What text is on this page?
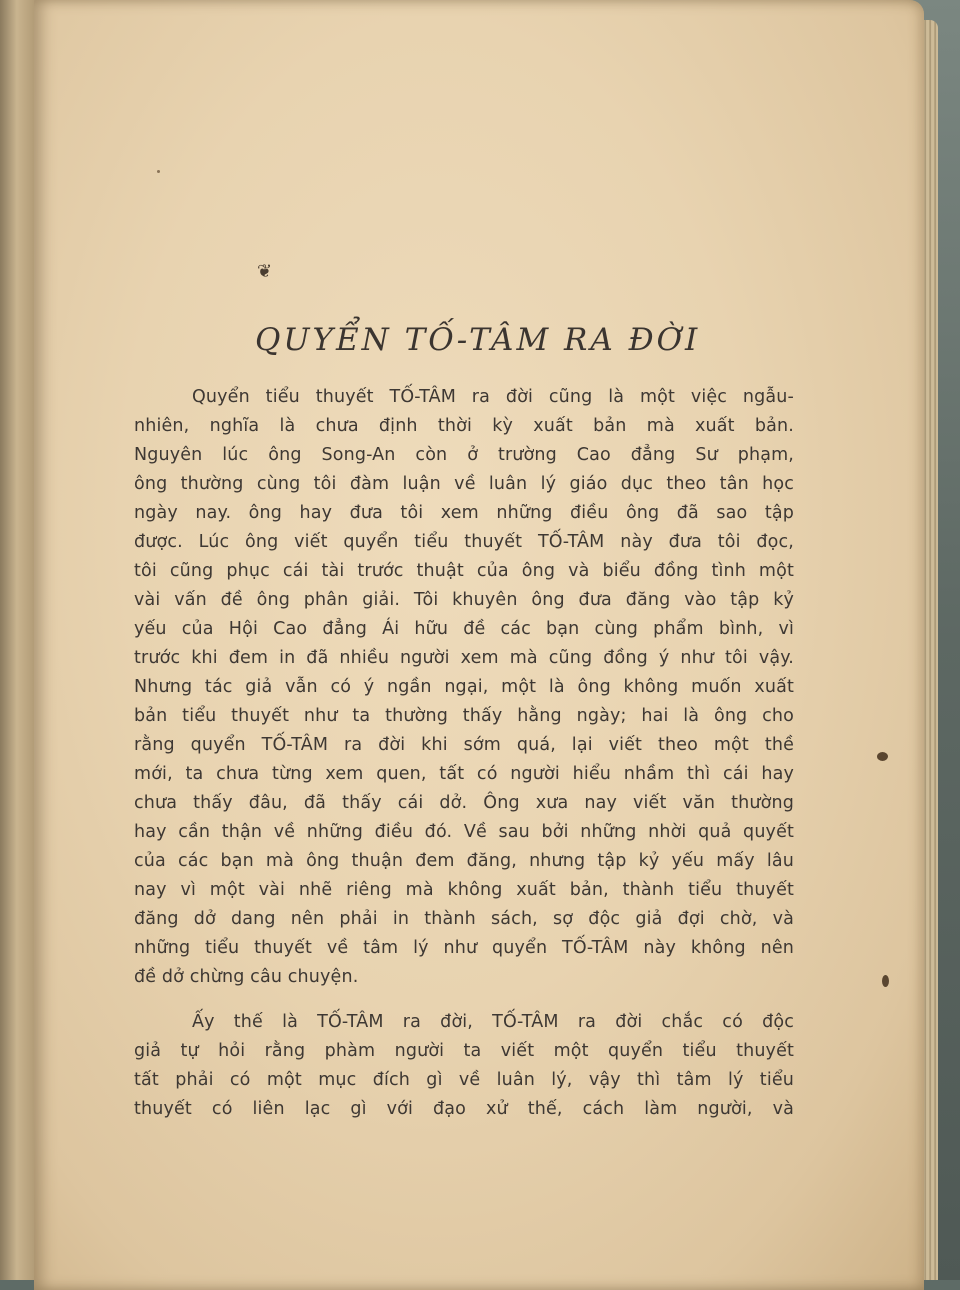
❦
QUYỂN TỐ-TÂM RA ĐỜI
Quyển tiểu thuyết TỐ-TÂM ra đời cũng là một việc ngẫu-
nhiên, nghĩa là chưa định thời kỳ xuất bản mà xuất bản.
Nguyên lúc ông Song-An còn ở trường Cao đẳng Sư phạm,
ông thường cùng tôi đàm luận về luân lý giáo dục theo tân học
ngày nay. ông hay đưa tôi xem những điều ông đã sao tập
được. Lúc ông viết quyển tiểu thuyết TỐ-TÂM này đưa tôi đọc,
tôi cũng phục cái tài trước thuật của ông và biểu đồng tình một
vài vấn đề ông phân giải. Tôi khuyên ông đưa đăng vào tập kỷ
yếu của Hội Cao đẳng Ái hữu đề các bạn cùng phẩm bình, vì
trước khi đem in đã nhiều người xem mà cũng đồng ý như tôi vậy.
Nhưng tác giả vẫn có ý ngần ngại, một là ông không muốn xuất
bản tiểu thuyết như ta thường thấy hằng ngày; hai là ông cho
rằng quyển TỐ-TÂM ra đời khi sớm quá, lại viết theo một thề
mới, ta chưa từng xem quen, tất có người hiểu nhầm thì cái hay
chưa thấy đâu, đã thấy cái dở. Ông xưa nay viết văn thường
hay cần thận về những điều đó. Về sau bởi những nhời quả quyết
của các bạn mà ông thuận đem đăng, nhưng tập kỷ yếu mấy lâu
nay vì một vài nhẽ riêng mà không xuất bản, thành tiểu thuyết
đăng dở dang nên phải in thành sách, sợ độc giả đợi chờ, và
những tiểu thuyết về tâm lý như quyển TỐ-TÂM này không nên
đề dở chừng câu chuyện.
Ấy thế là TỐ-TÂM ra đời, TỐ-TÂM ra đời chắc có độc
giả tự hỏi rằng phàm người ta viết một quyển tiểu thuyết
tất phải có một mục đích gì về luân lý, vậy thì tâm lý tiểu
thuyết có liên lạc gì với đạo xử thế, cách làm người, và
